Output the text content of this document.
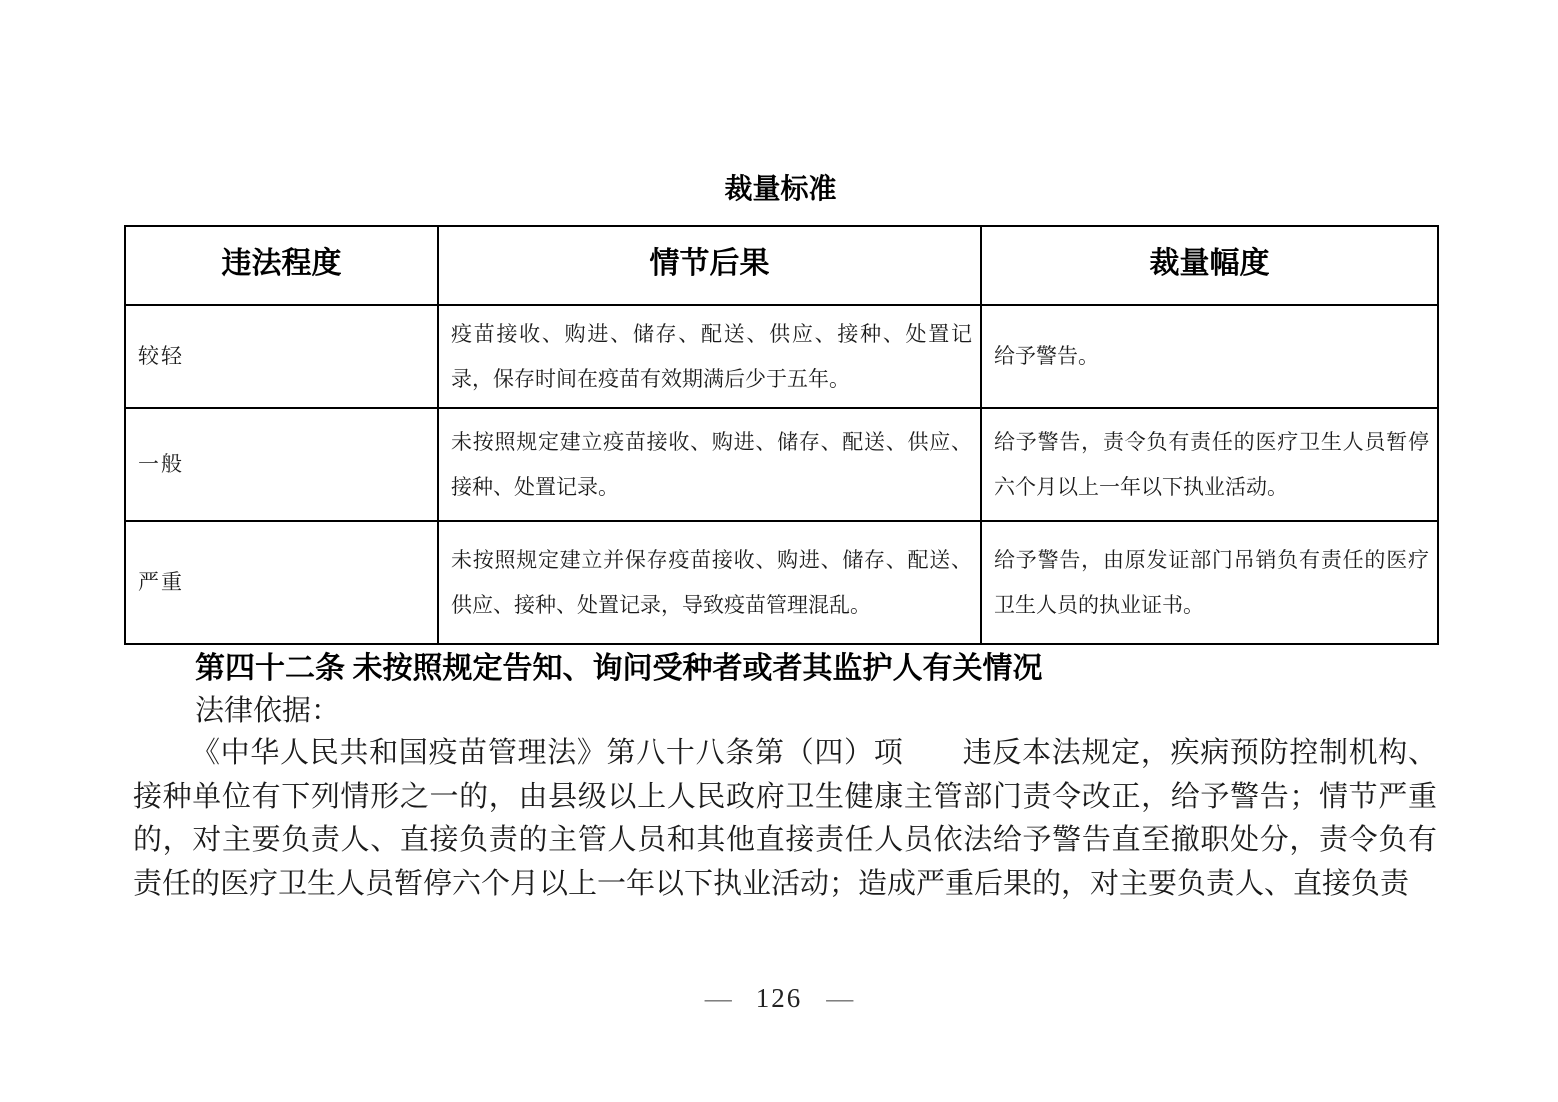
裁量标准
违法程度	情节后果	裁量幅度
较轻	疫苗接收、购进、储存、配送、供应、接种、处置记录，保存时间在疫苗有效期满后少于五年。	给予警告。
一般	未按照规定建立疫苗接收、购进、储存、配送、供应、接种、处置记录。	给予警告，责令负有责任的医疗卫生人员暂停六个月以上一年以下执业活动。
严重	未按照规定建立并保存疫苗接收、购进、储存、配送、供应、接种、处置记录，导致疫苗管理混乱。	给予警告，由原发证部门吊销负有责任的医疗卫生人员的执业证书。
第四十二条 未按照规定告知、询问受种者或者其监护人有关情况
法律依据：

《中华人民共和国疫苗管理法》第八十八条第（四）项　　违反本法规定，疾病预防控制机构、接种单位有下列情形之一的，由县级以上人民政府卫生健康主管部门责令改正，给予警告；情节严重的，对主要负责人、直接负责的主管人员和其他直接责任人员依法给予警告直至撤职处分，责令负有责任的医疗卫生人员暂停六个月以上一年以下执业活动；造成严重后果的，对主要负责人、直接负责

— 126 —
